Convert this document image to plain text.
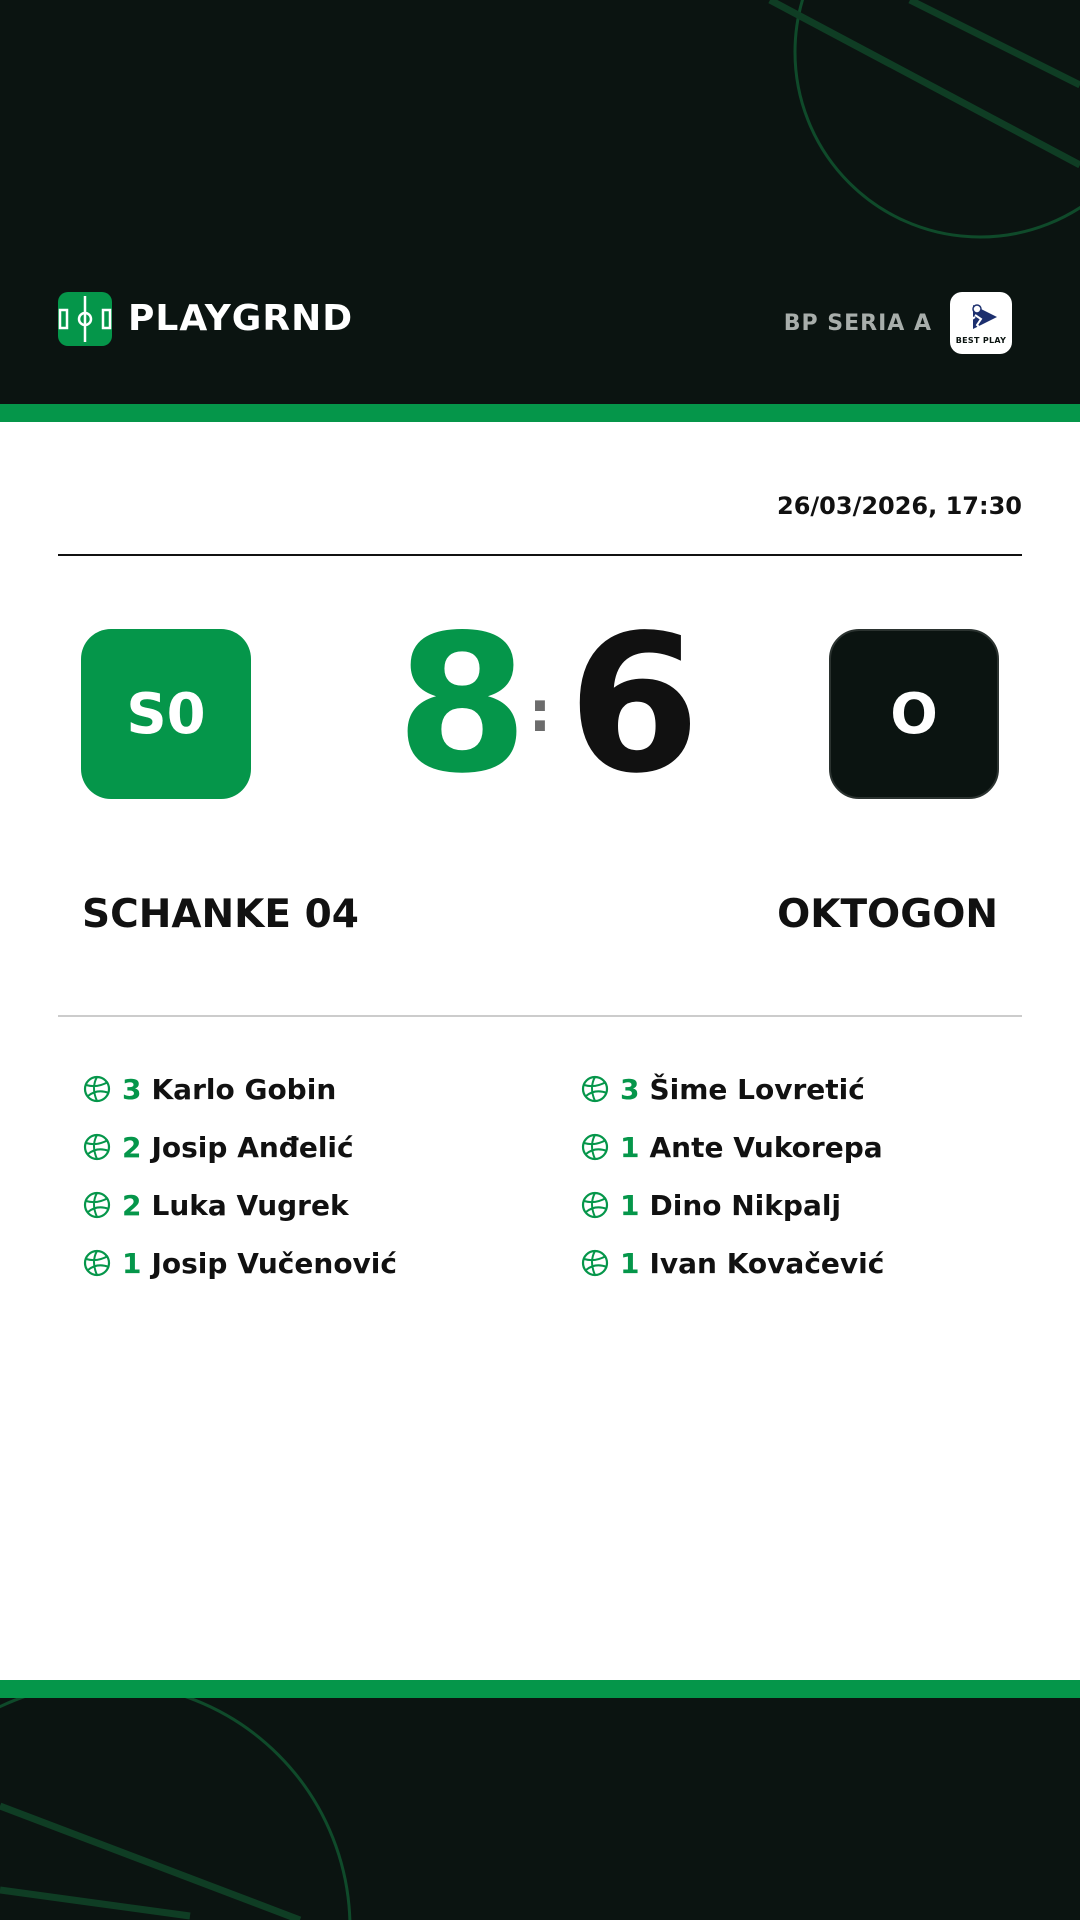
PLAYGRND	BP SERIA A
BEST PLAY
26/03/2026, 17:30
S0 8 : 6	O
SCHANKE 04	OKTOGON
3 Karlo Gobin
2 Josip Anđelić
2 Luka Vugrek
1 Josip Vučenović
3 Šime Lovretić
1 Ante Vukorepa
1 Dino Nikpalj
1 Ivan Kovačević
